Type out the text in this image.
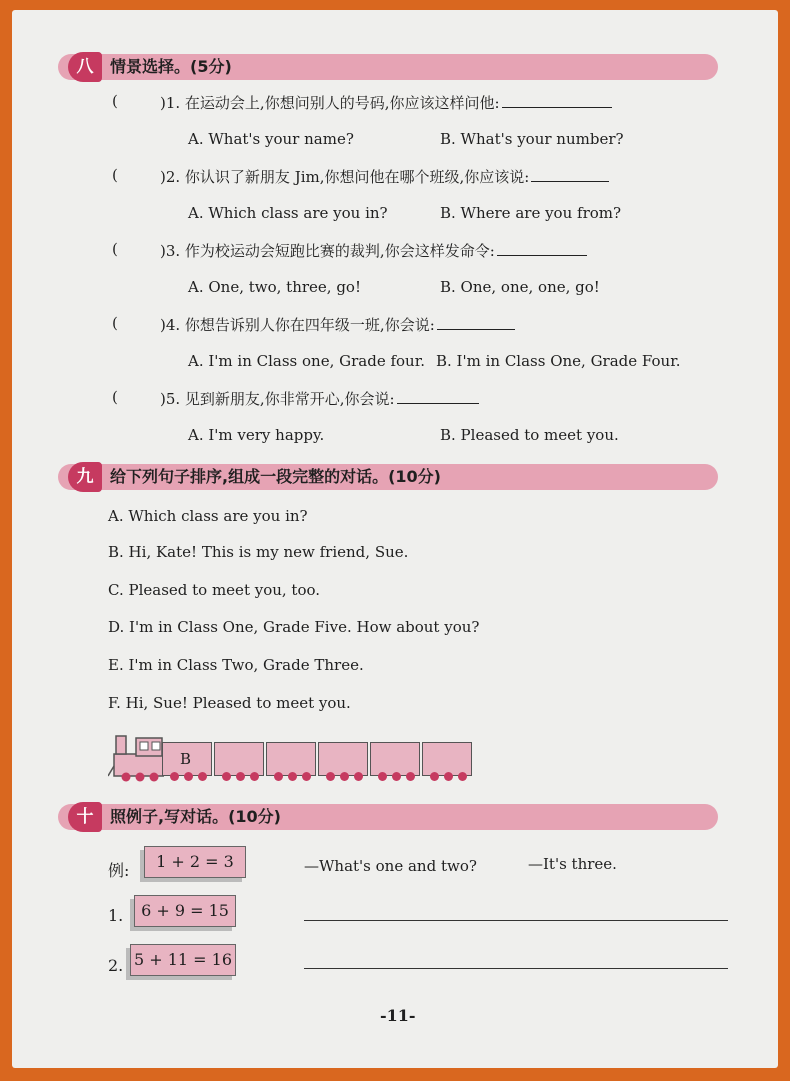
八	情景选择。(5分)
(	)1. 在运动会上,你想问别人的号码,你应该这样问他:
A. What's your name?	B. What's your number?
(	)2. 你认识了新朋友 Jim,你想问他在哪个班级,你应该说:
A. Which class are you in?	B. Where are you from?
(	)3. 作为校运动会短跑比赛的裁判,你会这样发命令:
A. One, two, three, go!	B. One, one, one, go!
(	)4. 你想告诉别人你在四年级一班,你会说:
A. I'm in Class one, Grade four. B. I'm in Class One, Grade Four.
(	)5. 见到新朋友,你非常开心,你会说:
A. I'm very happy.	B. Pleased to meet you.
九	给下列句子排序,组成一段完整的对话。(10分)
A. Which class are you in?
B. Hi, Kate! This is my new friend, Sue.
C. Pleased to meet you, too.
D. I'm in Class One, Grade Five. How about you?
E. I'm in Class Two, Grade Three.
F. Hi, Sue! Pleased to meet you.
B
十	照例子,写对话。(10分)
例:	1 + 2 = 3	—What's one and two?	—It's three.
1.	6 + 9 = 15
2. 5 + 11 = 16
-11-
